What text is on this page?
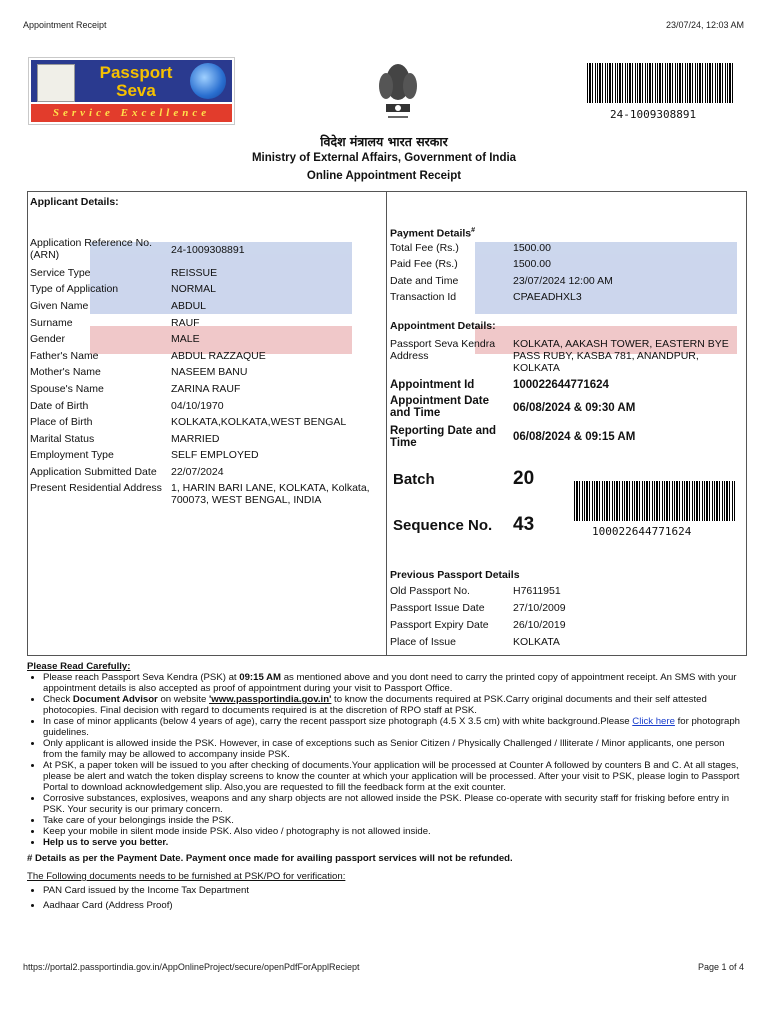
Appointment Receipt	23/07/24, 12:03 AM
Passport
Seva
Service Excellence	24-1009308891
विदेश मंत्रालय भारत सरकार
Ministry of External Affairs, Government of India
Online Appointment Receipt
Applicant Details:
Application Reference No. (ARN)	24-1009308891
Service Type	REISSUE
Type of Application	NORMAL
Given Name	ABDUL
Surname	RAUF
Gender	MALE
Father's Name	ABDUL RAZZAQUE
Mother's Name	NASEEM BANU
Spouse's Name	ZARINA RAUF
Date of Birth	04/10/1970
Place of Birth	KOLKATA,KOLKATA,WEST BENGAL
Marital Status	MARRIED
Employment Type	SELF EMPLOYED
Application Submitted Date 22/07/2024
Present Residential Address 1, HARIN BARI LANE, KOLKATA, Kolkata, 700073, WEST BENGAL, INDIA
Payment Details#
Total Fee (Rs.)	1500.00
Paid Fee (Rs.)	1500.00
Date and Time	23/07/2024 12:00 AM
Transaction Id	CPAEADHXL3
Appointment Details:
Passport Seva Kendra Address
KOLKATA, AAKASH TOWER, EASTERN BYE PASS RUBY, KASBA 781, ANANDPUR, KOLKATA
Appointment Id	100022644771624
Appointment Date and Time	06/08/2024 & 09:30 AM
Reporting Date and Time	06/08/2024 & 09:15 AM
Batch	20
Sequence No. 43	100022644771624
Previous Passport Details
Old Passport No.	H7611951
Passport Issue Date	27/10/2009
Passport Expiry Date 26/10/2019
Place of Issue	KOLKATA
Please Read Carefully:
• Please reach Passport Seva Kendra (PSK) at 09:15 AM as mentioned above and you dont need to carry the printed copy of appointment receipt. An SMS with your appointment details is also accepted as proof of appointment during your visit to Passport Office.
• Check Document Advisor on website 'www.passportindia.gov.in' to know the documents required at PSK.Carry original documents and their self attested photocopies. Final decision with regard to documents required is at the discretion of RPO staff at PSK.
• In case of minor applicants (below 4 years of age), carry the recent passport size photograph (4.5 X 3.5 cm) with white background.Please Click here for photograph guidelines.
• Only applicant is allowed inside the PSK. However, in case of exceptions such as Senior Citizen / Physically Challenged / Illiterate / Minor applicants, one person from the family may be allowed to accompany inside PSK.
• At PSK, a paper token will be issued to you after checking of documents.Your application will be processed at Counter A followed by counters B and C. At all stages, please be alert and watch the token display screens to know the counter at which your application will be processed. After your visit to PSK, please login to Passport Portal to download acknowledgement slip. Also,you are requested to fill the feedback form at the exit counter.
• Corrosive substances, explosives, weapons and any sharp objects are not allowed inside the PSK. Please co-operate with security staff for frisking before entry in PSK. Your security is our primary concern.
• Take care of your belongings inside the PSK.
• Keep your mobile in silent mode inside PSK. Also video / photography is not allowed inside.
• Help us to serve you better.
# Details as per the Payment Date. Payment once made for availing passport services will not be refunded.
The Following documents needs to be furnished at PSK/PO for verification:
• PAN Card issued by the Income Tax Department
• Aadhaar Card (Address Proof)
https://portal2.passportindia.gov.in/AppOnlineProject/secure/openPdfForApplReciept	Page 1 of 4
